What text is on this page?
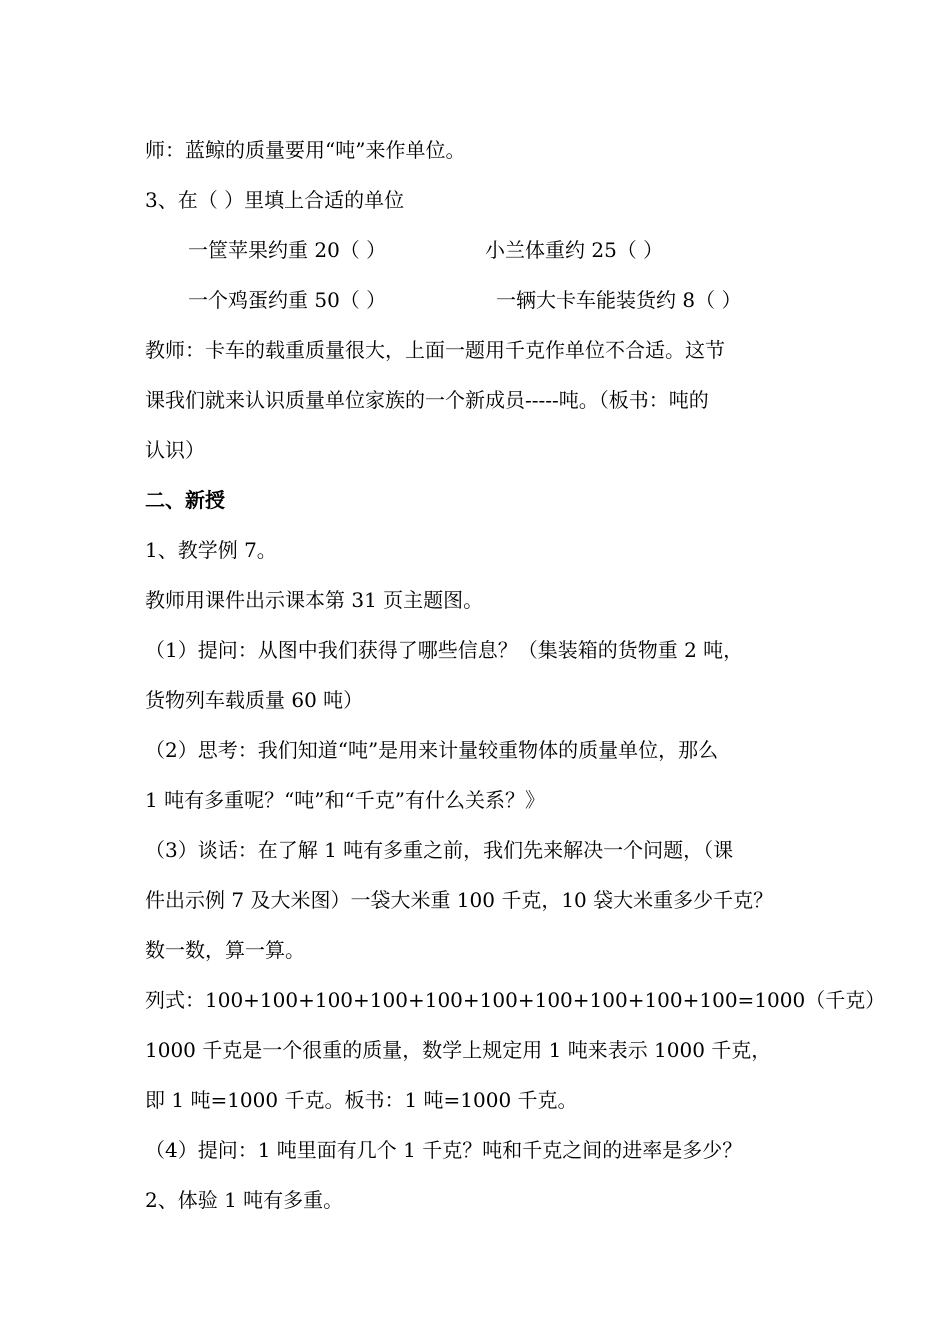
师：蓝鲸的质量要用“吨”来作单位。
3、在（ ）里填上合适的单位
一筐苹果约重 20（ ）	小兰体重约 25（ ）
一个鸡蛋约重 50（ ）	一辆大卡车能装货约 8（ ）
教师：卡车的载重质量很大，上面一题用千克作单位不合适。这节
课我们就来认识质量单位家族的一个新成员-----吨。（板书：吨的
认识）
二、新授
1、教学例 7。
教师用课件出示课本第 31 页主题图。
（1）提问：从图中我们获得了哪些信息？（集装箱的货物重 2 吨，
货物列车载质量 60 吨）
（2）思考：我们知道“吨”是用来计量较重物体的质量单位，那么
1 吨有多重呢？“吨”和“千克”有什么关系？》
（3）谈话：在了解 1 吨有多重之前，我们先来解决一个问题，（课
件出示例 7 及大米图）一袋大米重 100 千克，10 袋大米重多少千克？
数一数，算一算。
列式：100+100+100+100+100+100+100+100+100+100=1000（千克）
1000 千克是一个很重的质量，数学上规定用 1 吨来表示 1000 千克，
即 1 吨=1000 千克。板书：1 吨=1000 千克。
（4）提问：1 吨里面有几个 1 千克？吨和千克之间的进率是多少？
2、体验 1 吨有多重。
